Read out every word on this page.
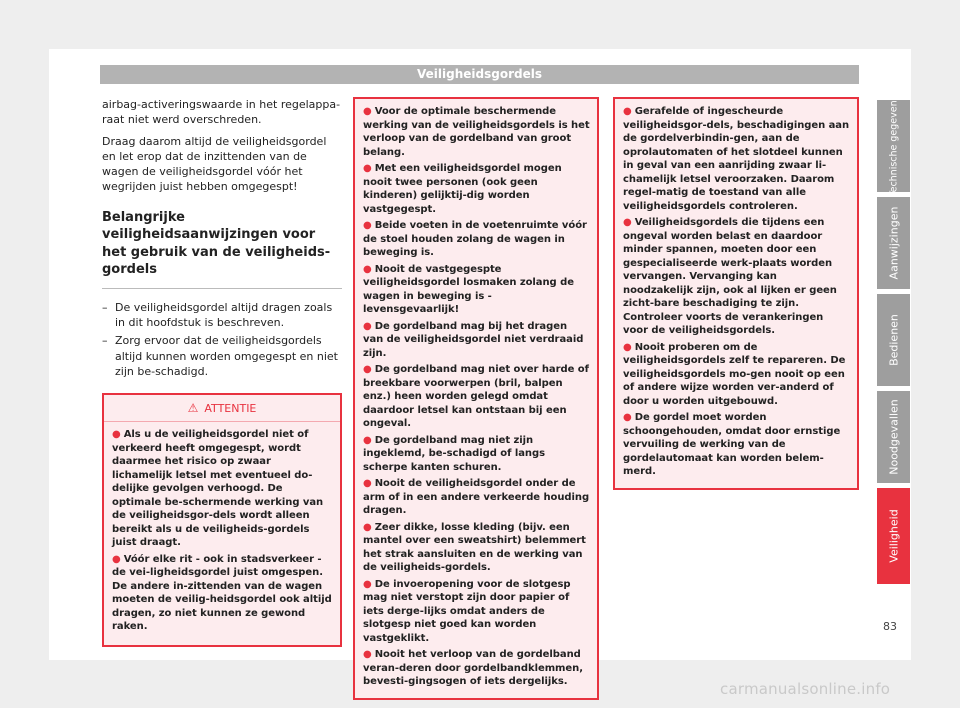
Veiligheidsgordels

airbag-activeringswaarde in het regelappa-raat niet werd overschreden.

Draag daarom altijd de veiligheidsgordel en let erop dat de inzittenden van de wagen de veiligheidsgordel vóór het wegrijden juist hebben omgegespt!

Belangrijke veiligheidsaanwijzingen voor het gebruik van de veiligheids-gordels
– De veiligheidsgordel altijd dragen zoals in dit hoofdstuk is beschreven.
– Zorg ervoor dat de veiligheidsgordels altijd kunnen worden omgegespt en niet zijn be-schadigd.
⚠ ATTENTIE
● Als u de veiligheidsgordel niet of verkeerd heeft omgegespt, wordt daarmee het risico op zwaar lichamelijk letsel met eventueel do-delijke gevolgen verhoogd. De optimale be-schermende werking van de veiligheidsgor-dels wordt alleen bereikt als u de veiligheids-gordels juist draagt.
● Vóór elke rit - ook in stadsverkeer - de vei-ligheidsgordel juist omgespen. De andere in-zittenden van de wagen moeten de veilig-heidsgordel ook altijd dragen, zo niet kunnen ze gewond raken.
● Voor de optimale beschermende werking van de veiligheidsgordels is het verloop van de gordelband van groot belang.
● Met een veiligheidsgordel mogen nooit twee personen (ook geen kinderen) gelijktij-dig worden vastgegespt.
● Beide voeten in de voetenruimte vóór de stoel houden zolang de wagen in beweging is.
● Nooit de vastgegespte veiligheidsgordel losmaken zolang de wagen in beweging is - levensgevaarlijk!
● De gordelband mag bij het dragen van de veiligheidsgordel niet verdraaid zijn.
● De gordelband mag niet over harde of breekbare voorwerpen (bril, balpen enz.) heen worden gelegd omdat daardoor letsel kan ontstaan bij een ongeval.
● De gordelband mag niet zijn ingeklemd, be-schadigd of langs scherpe kanten schuren.
● Nooit de veiligheidsgordel onder de arm of in een andere verkeerde houding dragen.
● Zeer dikke, losse kleding (bijv. een mantel over een sweatshirt) belemmert het strak aansluiten en de werking van de veiligheids-gordels.
● De invoeropening voor de slotgesp mag niet verstopt zijn door papier of iets derge-lijks omdat anders de slotgesp niet goed kan worden vastgeklikt.
● Nooit het verloop van de gordelband veran-deren door gordelbandklemmen, bevesti-gingsogen of iets dergelijks.
● Gerafelde of ingescheurde veiligheidsgor-dels, beschadigingen aan de gordelverbindin-gen, aan de oprolautomaten of het slotdeel kunnen in geval van een aanrijding zwaar li-chamelijk letsel veroorzaken. Daarom regel-matig de toestand van alle veiligheidsgordels controleren.
● Veiligheidsgordels die tijdens een ongeval worden belast en daardoor minder spannen, moeten door een gespecialiseerde werk-plaats worden vervangen. Vervanging kan noodzakelijk zijn, ook al lijken er geen zicht-bare beschadiging te zijn. Controleer voorts de verankeringen voor de veiligheidsgordels.
● Nooit proberen om de veiligheidsgordels zelf te repareren. De veiligheidsgordels mo-gen nooit op een of andere wijze worden ver-anderd of door u worden uitgebouwd.
● De gordel moet worden schoongehouden, omdat door ernstige vervuiling de werking van de gordelautomaat kan worden belem-merd.
Technische gegevens
Aanwijzingen
Bedienen
Noodgevallen
Veiligheid
83
carmanualsonline.info
